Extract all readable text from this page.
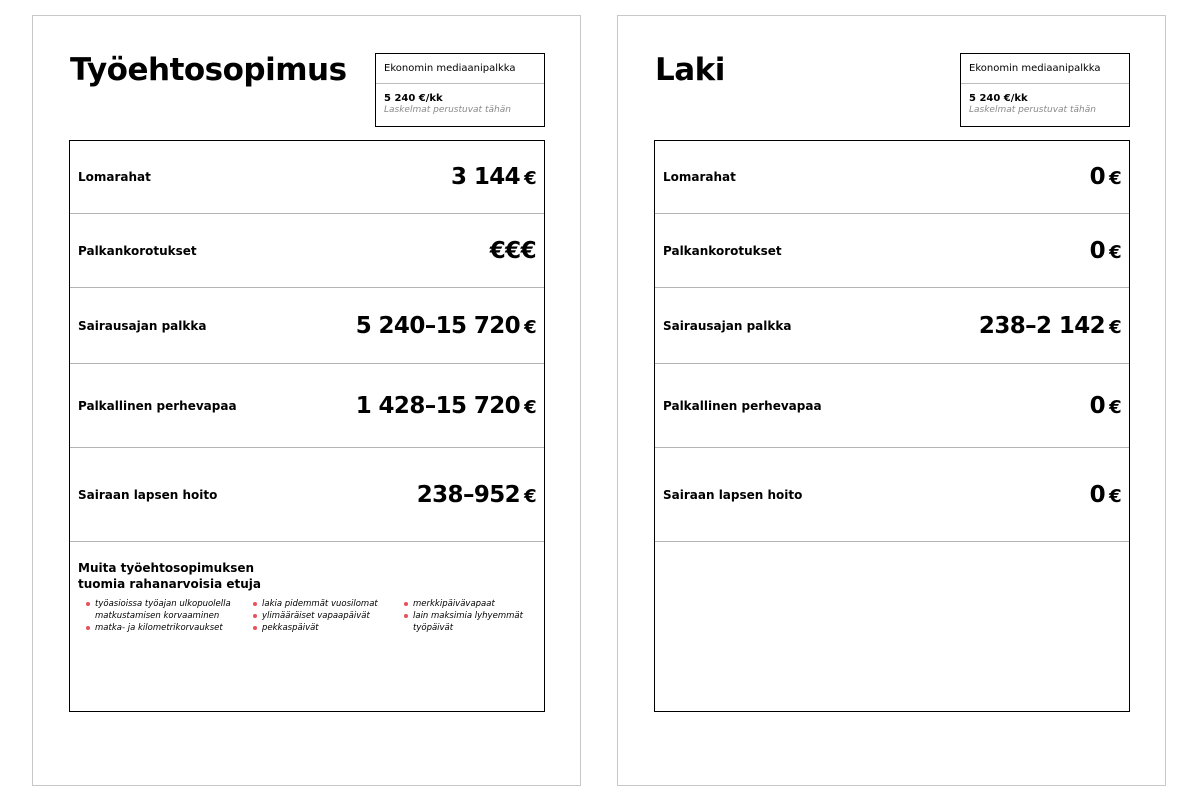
Työehtosopimus	Ekonomin mediaanipalkka
5 240 €/kk
Laskelmat perustuvat tähän
Lomarahat	3 144 €
Palkankorotukset	€€€
Sairausajan palkka	5 240–15 720 €
Palkallinen perhevapaa	1 428–15 720 €
Sairaan lapsen hoito	238–952 €
Muita työehtosopimuksen tuomia rahanarvoisia etuja
työasioissa työajan ulkopuolella matkustamisen korvaaminen
matka- ja kilometrikorvaukset
lakia pidemmät vuosilomat
ylimääräiset vapaapäivät
pekkaspäivät
merkkipäivävapaat
lain maksimia lyhyemmät työpäivät
Laki	Ekonomin mediaanipalkka
5 240 €/kk
Laskelmat perustuvat tähän
Lomarahat	0 €
Palkankorotukset	0 €
Sairausajan palkka	238–2 142 €
Palkallinen perhevapaa	0 €
Sairaan lapsen hoito	0 €
